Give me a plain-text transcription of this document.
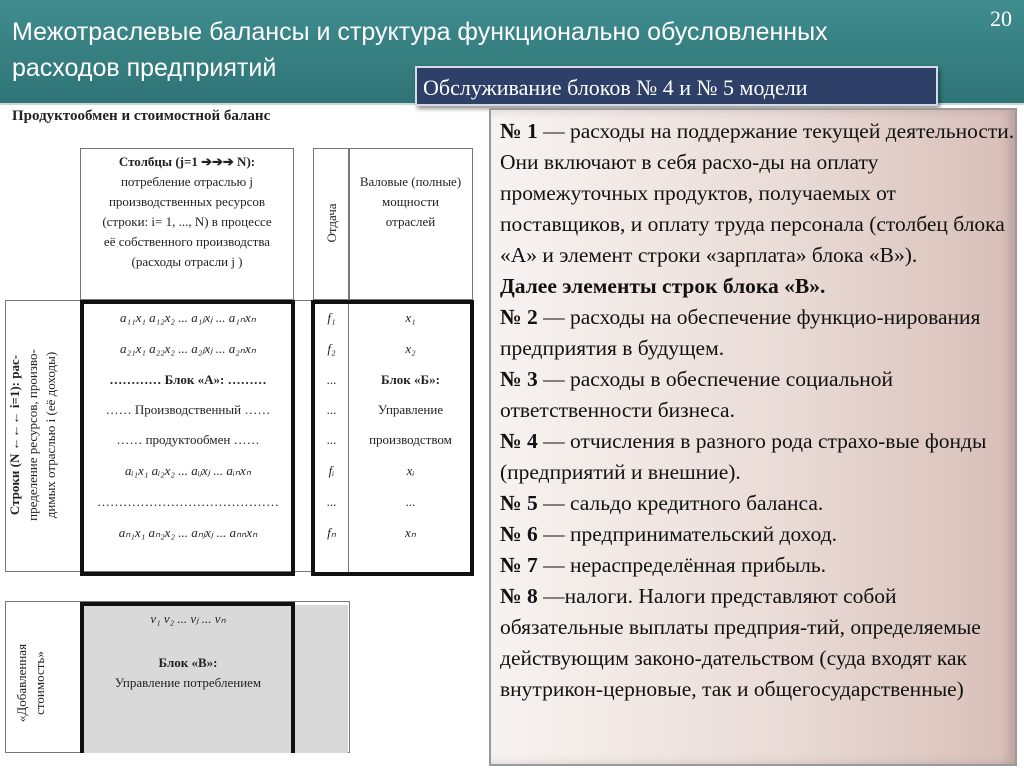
Межотраслевые балансы и структура функционально обусловленных расходов предприятий
20
Обслуживание блоков № 4 и № 5 модели
Продуктообмен и стоимостной баланс
Столбцы (j=1 ➔➔➔ N):
потребление отраслью j
производственных ресурсов
(строки: i= 1, ..., N) в процессе
её собственного производства
(расходы отрасли j )
Отдача
Валовые (полные)
мощности
отраслей
Строки (N ←←← i=1): рас- пределение ресурсов, произво- димых отраслью i (её доходы)
a₁₁x₁ a₁₂x₂ ... a₁ⱼxⱼ ... a₁ₙxₙ
a₂₁x₁ a₂₂x₂ ... a₂ⱼxⱼ ... a₂ₙxₙ
………… Блок «А»: ………
…… Производственный ……
…… продуктообмен ……
aᵢ₁x₁ aᵢ₂x₂ ... aᵢⱼxⱼ ... aᵢₙxₙ
……………………………………
aₙ₁x₁ aₙ₂x₂ ... aₙⱼxⱼ ... aₙₙxₙ
f₁
f₂
...
...
...
fᵢ
...
fₙ
x₁
x₂
Блок «Б»:
Управление
производством
xᵢ
...
xₙ
«Добавленная стоимость»
v₁ v₂ ... vⱼ ... vₙ
Блок «В»:
Управление потреблением

№ 1 — расходы на поддержание текущей деятельности. Они включают в себя расхо-ды на оплату промежуточных продуктов, получаемых от поставщиков, и оплату труда персонала (столбец блока «А» и элемент строки «зарплата» блока «В»).

Далее элементы строк блока «В».

№ 2 — расходы на обеспечение функцио-нирования предприятия в будущем.

№ 3 — расходы в обеспечение социальной ответственности бизнеса.

№ 4 — отчисления в разного рода страхо-вые фонды (предприятий и внешние).

№ 5 — сальдо кредитного баланса.

№ 6 — предпринимательский доход.

№ 7 — нераспределённая прибыль.

№ 8 —налоги. Налоги представляют собой обязательные выплаты предприя-тий, определяемые действующим законо-дательством (суда входят как внутрикон-церновые, так и общегосударственные)
